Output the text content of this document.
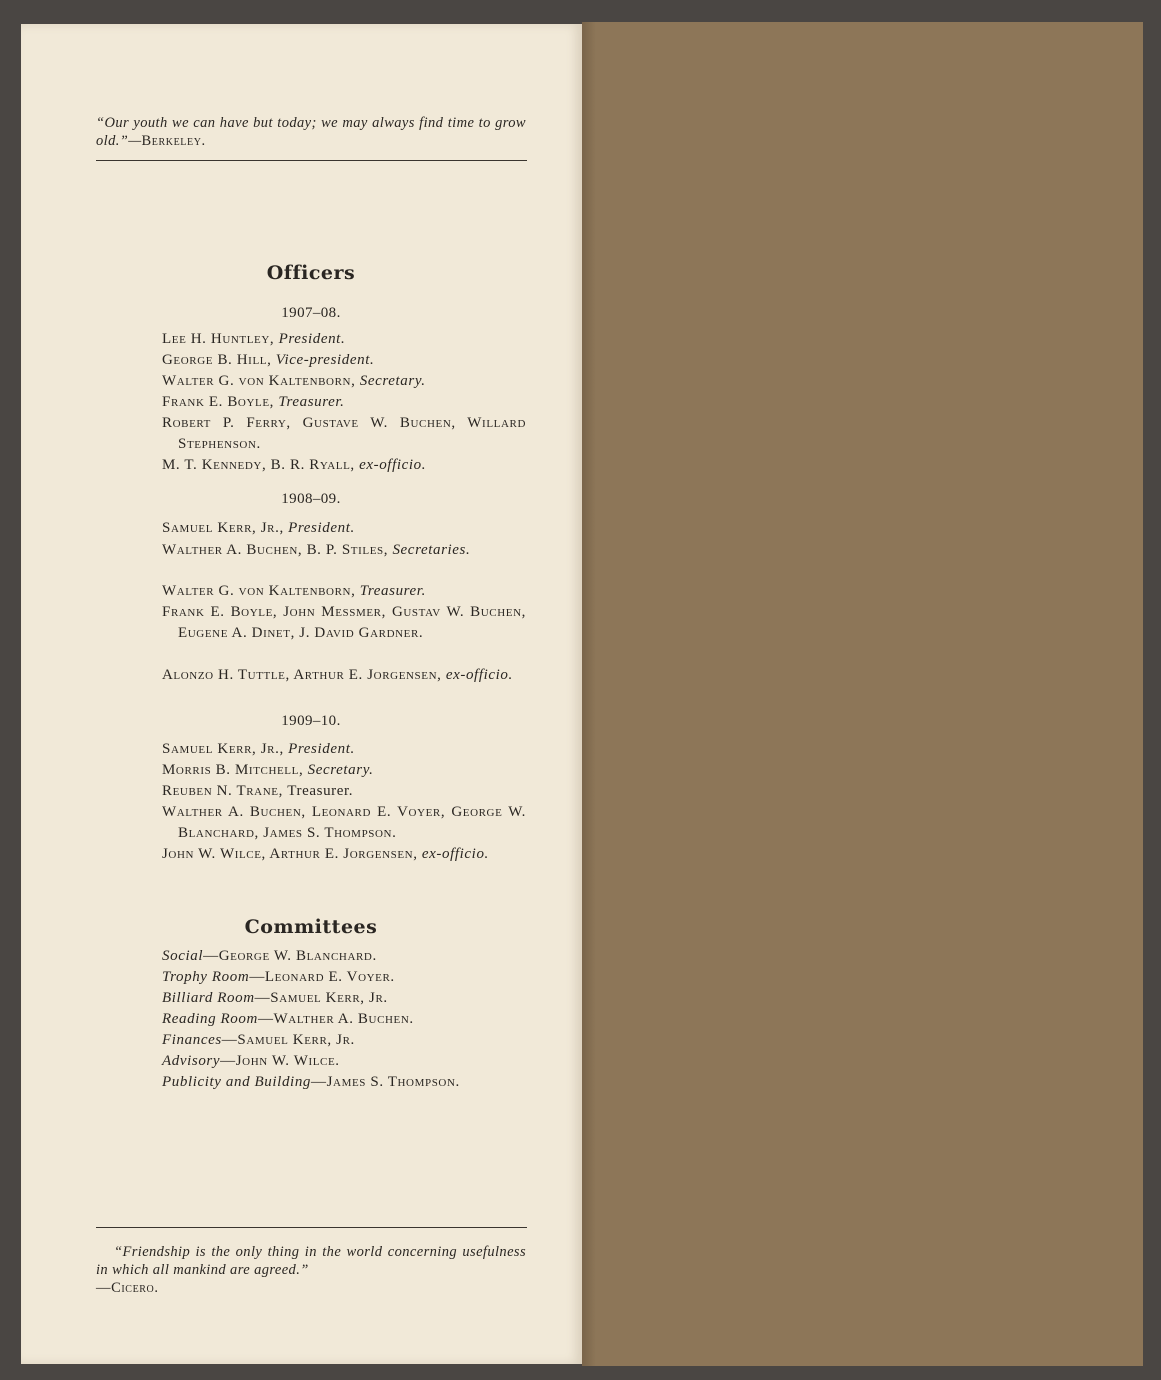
“Our youth we can have but today; we may always find time to grow old.”—Berkeley.
Officers
1907–08.
Lee H. Huntley, President.
George B. Hill, Vice-president.
Walter G. von Kaltenborn, Secretary.
Frank E. Boyle, Treasurer.
Robert P. Ferry, Gustave W. Buchen, Willard Stephenson.
M. T. Kennedy, B. R. Ryall, ex-officio.
1908–09.
Samuel Kerr, Jr., President.
Walther A. Buchen, B. P. Stiles, Secretaries.
Walter G. von Kaltenborn, Treasurer.
Frank E. Boyle, John Messmer, Gustav W. Buchen, Eugene A. Dinet, J. David Gardner.
Alonzo H. Tuttle, Arthur E. Jorgensen, ex-officio.
1909–10.
Samuel Kerr, Jr., President.
Morris B. Mitchell, Secretary.
Reuben N. Trane, Treasurer.
Walther A. Buchen, Leonard E. Voyer, George W. Blanchard, James S. Thompson.
John W. Wilce, Arthur E. Jorgensen, ex-officio.
Committees
Social—George W. Blanchard.
Trophy Room—Leonard E. Voyer.
Billiard Room—Samuel Kerr, Jr.
Reading Room—Walther A. Buchen.
Finances—Samuel Kerr, Jr.
Advisory—John W. Wilce.
Publicity and Building—James S. Thompson.
“Friendship is the only thing in the world concerning usefulness in which all mankind are agreed.”
—Cicero.
